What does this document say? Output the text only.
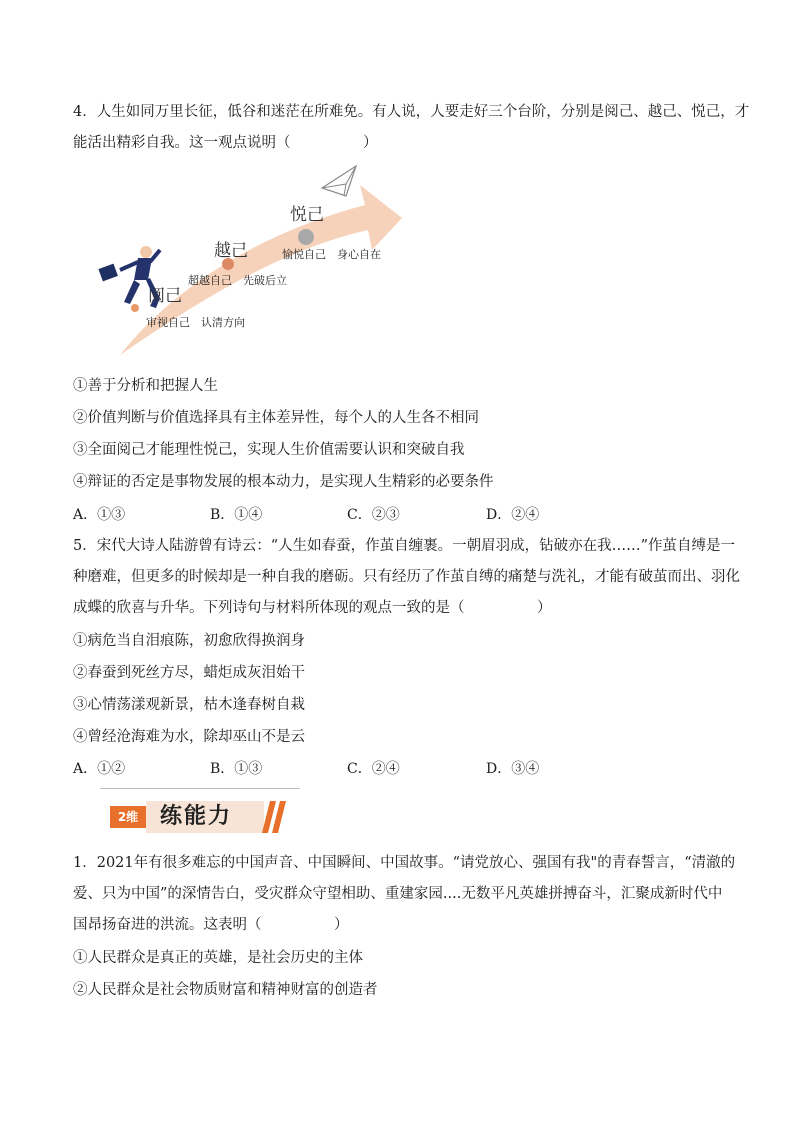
4．人生如同万里长征，低谷和迷茫在所难免。有人说，人要走好三个台阶，分别是阅己、越己、悦己，才
能活出精彩自我。这一观点说明（　　　　　）
悦己
愉悦自己　身心自在
越己
超越自己　先破后立
阅己
审视自己　认清方向
①善于分析和把握人生
②价值判断与价值选择具有主体差异性，每个人的人生各不相同
③全面阅己才能理性悦己，实现人生价值需要认识和突破自我
④辩证的否定是事物发展的根本动力，是实现人生精彩的必要条件
A．①③	B．①④	C．②③	D．②④
5．宋代大诗人陆游曾有诗云：“人生如春蚕，作茧自缠裹。一朝眉羽成，钻破亦在我……”作茧自缚是一
种磨难，但更多的时候却是一种自我的磨砺。只有经历了作茧自缚的痛楚与洗礼，才能有破茧而出、羽化
成蝶的欣喜与升华。下列诗句与材料所体现的观点一致的是（　　　　　）
①病危当自泪痕陈，初愈欣得换润身
②春蚕到死丝方尽，蜡炬成灰泪始干
③心情荡漾观新景，枯木逢春树自栽
④曾经沧海难为水，除却巫山不是云
A．①②	B．①③	C．②④	D．③④
2维 练能力
1．2021年有很多难忘的中国声音、中国瞬间、中国故事。“请党放心、强国有我"的青春誓言，“清澈的
爱、只为中国”的深情告白，受灾群众守望相助、重建家园....无数平凡英雄拼搏奋斗，汇聚成新时代中
国昂扬奋进的洪流。这表明（　　　　　）
①人民群众是真正的英雄，是社会历史的主体
②人民群众是社会物质财富和精神财富的创造者
